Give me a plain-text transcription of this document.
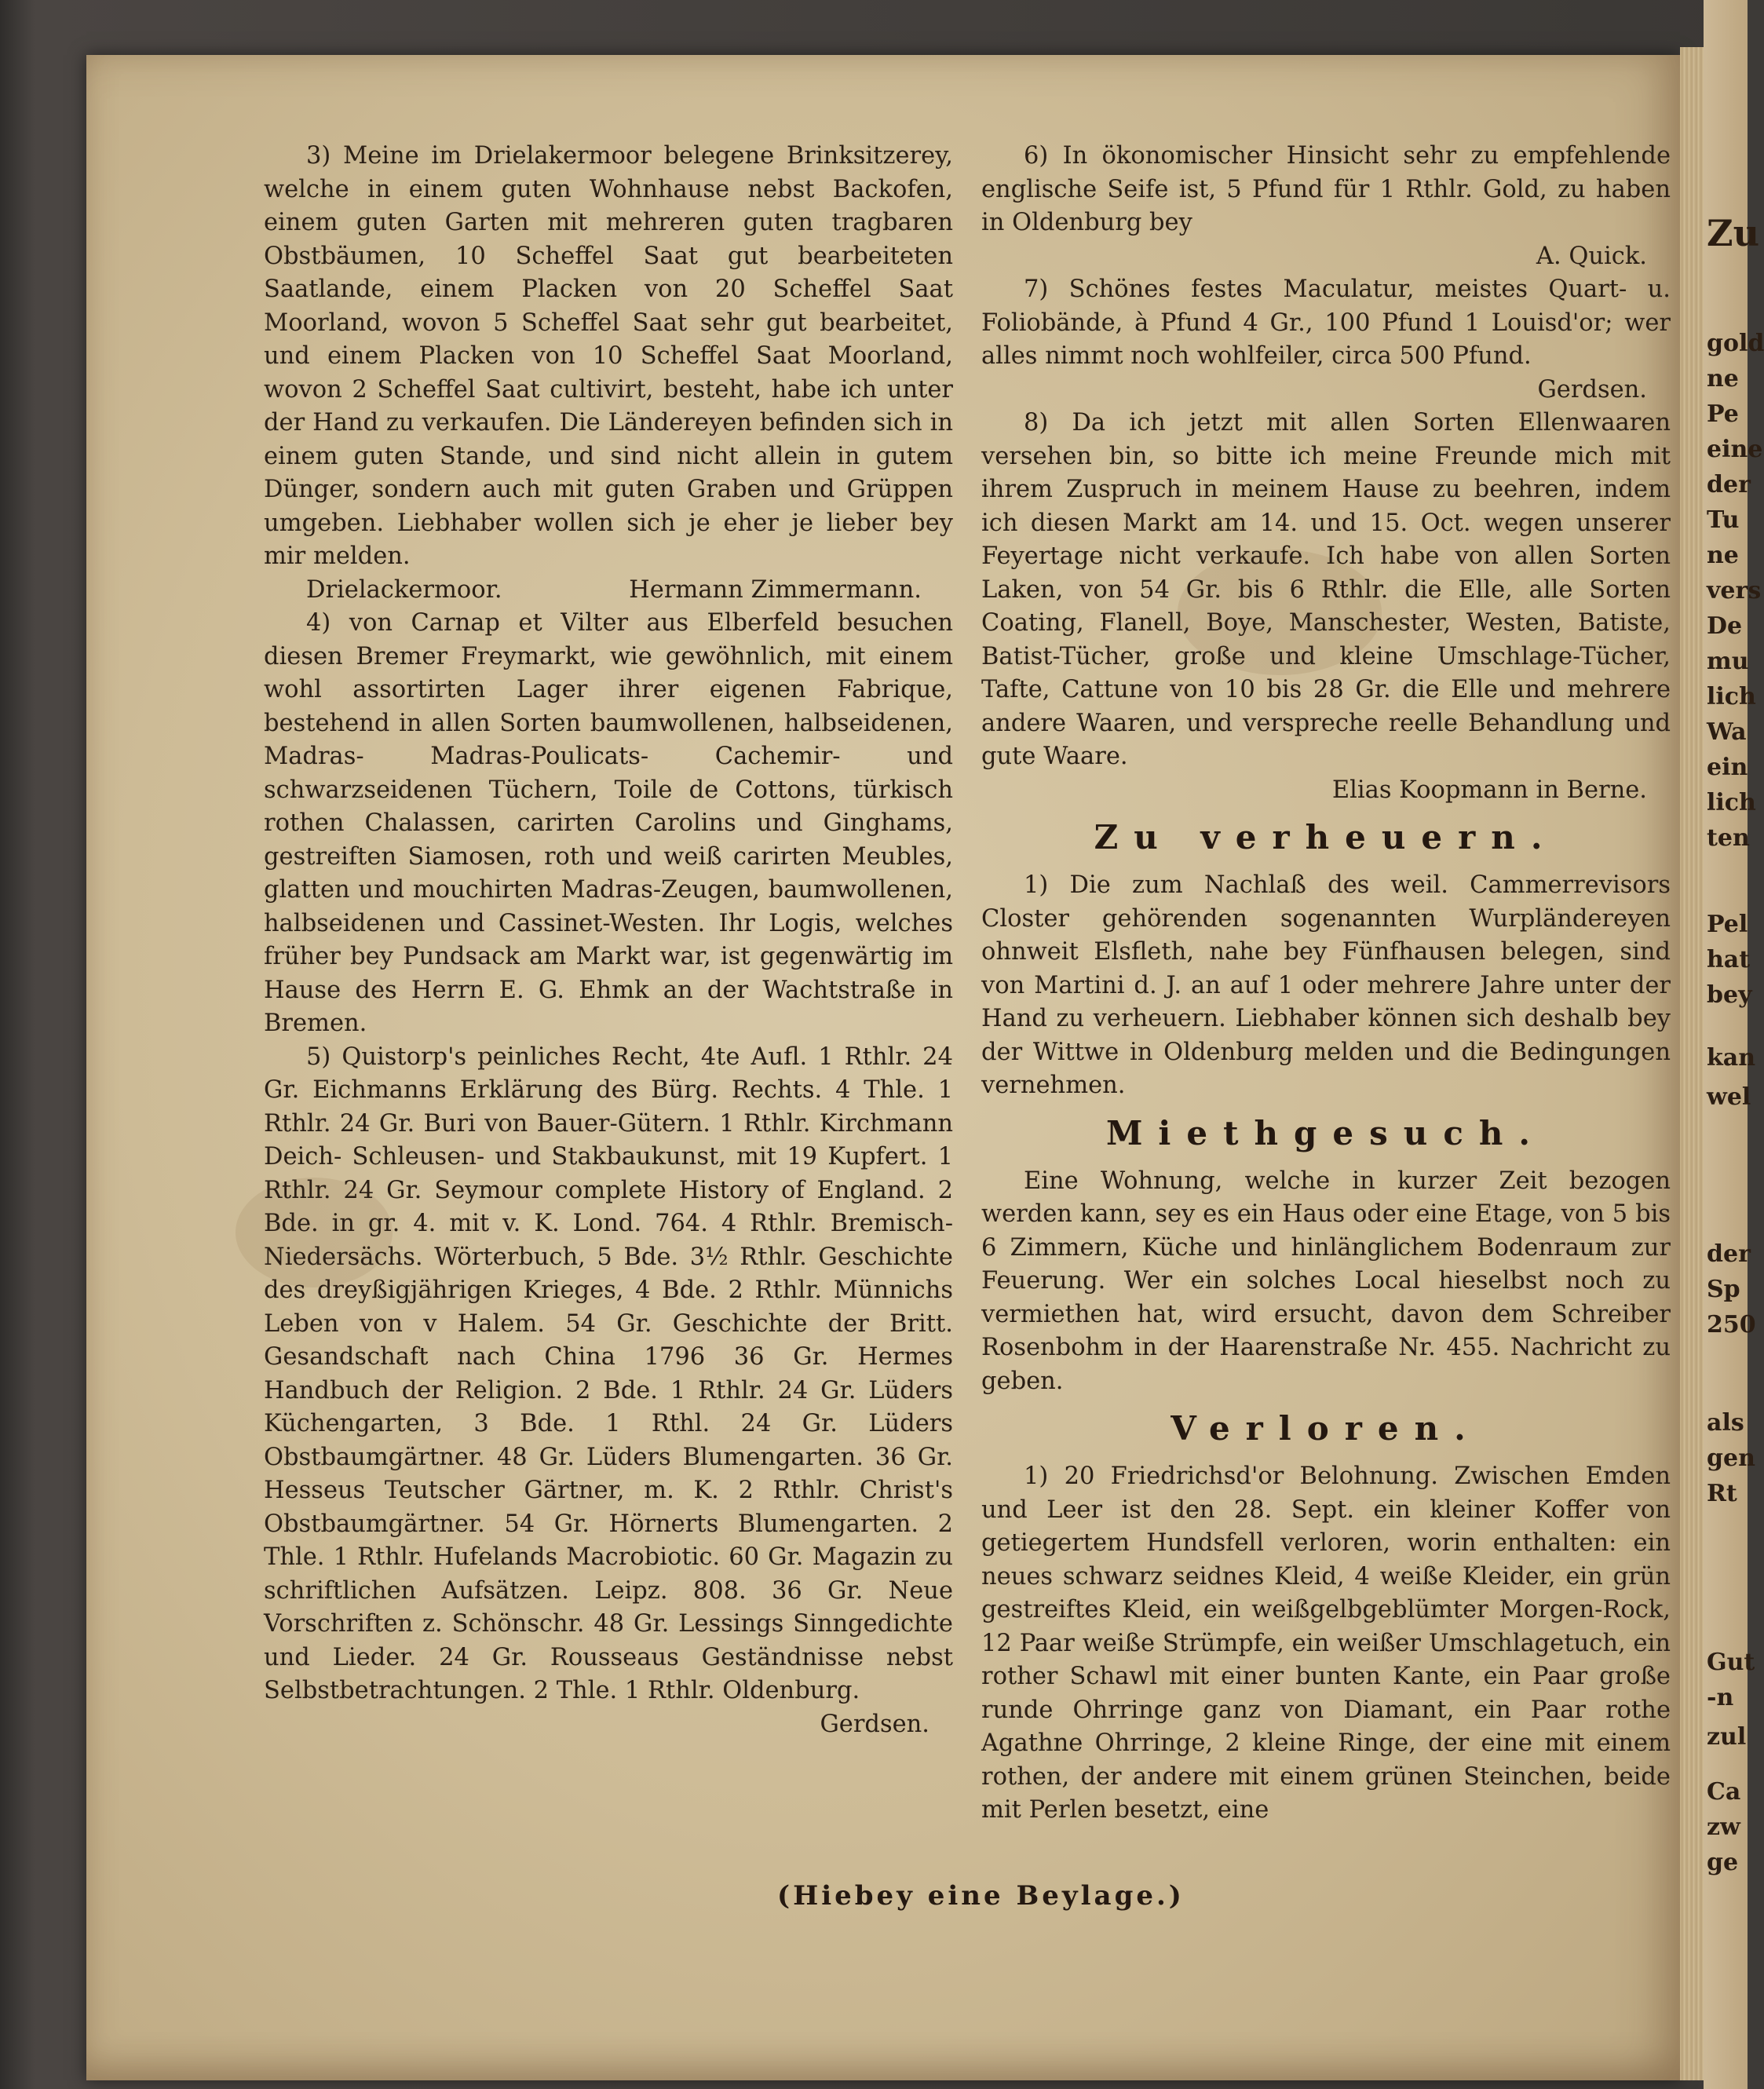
Zu
gold
ne
Pe
eine
der
Tu
ne
vers
De
mu
lich
Wa
ein
lich
ten
Pel
hat
bey
kan
wel
der
Sp
250
als
gen
Rt
Gut
-n
zul
Ca
zw
ge

3) Meine im Drielakermoor belegene Brinksitzerey, welche in einem guten Wohnhause nebst Backofen, einem guten Garten mit mehreren guten tragbaren Obstbäumen, 10 Scheffel Saat gut bearbeiteten Saatlande, einem Placken von 20 Scheffel Saat Moorland, wovon 5 Scheffel Saat sehr gut bearbeitet, und einem Placken von 10 Scheffel Saat Moorland, wovon 2 Scheffel Saat cultivirt, besteht, habe ich unter der Hand zu verkaufen. Die Ländereyen befinden sich in einem guten Stande, und sind nicht allein in gutem Dünger, sondern auch mit guten Graben und Grüppen umgeben. Liebhaber wollen sich je eher je lieber bey mir melden.

Drielackermoor.	Hermann Zimmermann.

4) von Carnap et Vilter aus Elberfeld besuchen diesen Bremer Freymarkt, wie gewöhnlich, mit einem wohl assortirten Lager ihrer eigenen Fabrique, bestehend in allen Sorten baumwollenen, halbseidenen, Madras- Madras-Poulicats- Cachemir- und schwarzseidenen Tüchern, Toile de Cottons, türkisch rothen Chalassen, carirten Carolins und Ginghams, gestreiften Siamosen, roth und weiß carirten Meubles, glatten und mouchirten Madras-Zeugen, baumwollenen, halbseidenen und Cassinet-Westen. Ihr Logis, welches früher bey Pundsack am Markt war, ist gegenwärtig im Hause des Herrn E. G. Ehmk an der Wachtstraße in Bremen.

5) Quistorp's peinliches Recht, 4te Aufl. 1 Rthlr. 24 Gr. Eichmanns Erklärung des Bürg. Rechts. 4 Thle. 1 Rthlr. 24 Gr. Buri von Bauer-Gütern. 1 Rthlr. Kirchmann Deich- Schleusen- und Stakbaukunst, mit 19 Kupfert. 1 Rthlr. 24 Gr. Seymour complete History of England. 2 Bde. in gr. 4. mit v. K. Lond. 764. 4 Rthlr. Bremisch-Niedersächs. Wörterbuch, 5 Bde. 3½ Rthlr. Geschichte des dreyßigjährigen Krieges, 4 Bde. 2 Rthlr. Münnichs Leben von v Halem. 54 Gr. Geschichte der Britt. Gesandschaft nach China 1796 36 Gr. Hermes Handbuch der Religion. 2 Bde. 1 Rthlr. 24 Gr. Lüders Küchengarten, 3 Bde. 1 Rthl. 24 Gr. Lüders Obstbaumgärtner. 48 Gr. Lüders Blumengarten. 36 Gr. Hesseus Teutscher Gärtner, m. K. 2 Rthlr. Christ's Obstbaumgärtner. 54 Gr. Hörnerts Blumengarten. 2 Thle. 1 Rthlr. Hufelands Macrobiotic. 60 Gr. Magazin zu schriftlichen Aufsätzen. Leipz. 808. 36 Gr. Neue Vorschriften z. Schönschr. 48 Gr. Lessings Sinngedichte und Lieder. 24 Gr. Rousseaus Geständnisse nebst Selbstbetrachtungen. 2 Thle. 1 Rthlr. Oldenburg.

Gerdsen.

6) In ökonomischer Hinsicht sehr zu empfehlende englische Seife ist, 5 Pfund für 1 Rthlr. Gold, zu haben in Oldenburg bey

A. Quick.

7) Schönes festes Maculatur, meistes Quart- u. Foliobände, à Pfund 4 Gr., 100 Pfund 1 Louisd'or; wer alles nimmt noch wohlfeiler, circa 500 Pfund.

Gerdsen.

8) Da ich jetzt mit allen Sorten Ellenwaaren versehen bin, so bitte ich meine Freunde mich mit ihrem Zuspruch in meinem Hause zu beehren, indem ich diesen Markt am 14. und 15. Oct. wegen unserer Feyertage nicht verkaufe. Ich habe von allen Sorten Laken, von 54 Gr. bis 6 Rthlr. die Elle, alle Sorten Coating, Flanell, Boye, Manschester, Westen, Batiste, Batist-Tücher, große und kleine Umschlage-Tücher, Tafte, Cattune von 10 bis 28 Gr. die Elle und mehrere andere Waaren, und verspreche reelle Behandlung und gute Waare.

Elias Koopmann in Berne.

Zu verheuern.

1) Die zum Nachlaß des weil. Cammerrevisors Closter gehörenden sogenannten Wurpländereyen ohnweit Elsfleth, nahe bey Fünfhausen belegen, sind von Martini d. J. an auf 1 oder mehrere Jahre unter der Hand zu verheuern. Liebhaber können sich deshalb bey der Wittwe in Oldenburg melden und die Bedingungen vernehmen.

Miethgesuch.

Eine Wohnung, welche in kurzer Zeit bezogen werden kann, sey es ein Haus oder eine Etage, von 5 bis 6 Zimmern, Küche und hinlänglichem Bodenraum zur Feuerung. Wer ein solches Local hieselbst noch zu vermiethen hat, wird ersucht, davon dem Schreiber Rosenbohm in der Haarenstraße Nr. 455. Nachricht zu geben.

Verloren.

1) 20 Friedrichsd'or Belohnung. Zwischen Emden und Leer ist den 28. Sept. ein kleiner Koffer von getiegertem Hundsfell verloren, worin enthalten: ein neues schwarz seidnes Kleid, 4 weiße Kleider, ein grün gestreiftes Kleid, ein weißgelbgeblümter Morgen-Rock, 12 Paar weiße Strümpfe, ein weißer Umschlagetuch, ein rother Schawl mit einer bunten Kante, ein Paar große runde Ohrringe ganz von Diamant, ein Paar rothe Agathne Ohrringe, 2 kleine Ringe, der eine mit einem rothen, der andere mit einem grünen Steinchen, beide mit Perlen besetzt, eine

(Hiebey eine Beylage.)
